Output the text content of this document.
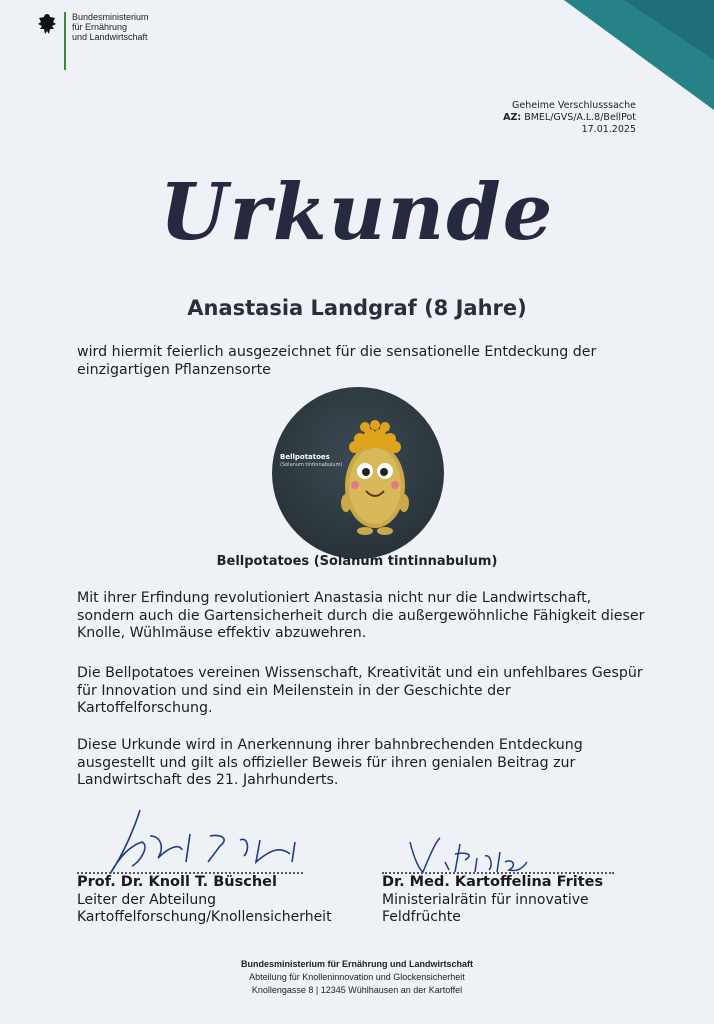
Bundesministerium
für Ernährung
und Landwirtschaft
Geheime Verschlusssache
AZ: BMEL/GVS/A.L.8/BellPot
17.01.2025
Urkunde
Anastasia Landgraf (8 Jahre)
wird hiermit feierlich ausgezeichnet für die sensationelle Entdeckung der einzigartigen Pflanzensorte
Bellpotatoes
(Solanum tintinnabulum)
Bellpotatoes (Solanum tintinnabulum)
Mit ihrer Erfindung revolutioniert Anastasia nicht nur die Landwirtschaft, sondern auch die Gartensicherheit durch die außergewöhnliche Fähigkeit dieser Knolle, Wühlmäuse effektiv abzuwehren.
Die Bellpotatoes vereinen Wissenschaft, Kreativität und ein unfehlbares Gespür für Innovation und sind ein Meilenstein in der Geschichte der Kartoffelforschung.
Diese Urkunde wird in Anerkennung ihrer bahnbrechenden Entdeckung ausgestellt und gilt als offizieller Beweis für ihren genialen Beitrag zur Landwirtschaft des 21. Jahrhunderts.
Prof. Dr. Knoll T. Büschel
Leiter der Abteilung
Kartoffelforschung/Knollensicherheit
Dr. Med. Kartoffelina Frites
Ministerialrätin für innovative
Feldfrüchte
Bundesministerium für Ernährung und Landwirtschaft
Abteilung für Knolleninnovation und Glockensicherheit
Knollengasse 8 | 12345 Wühlhausen an der Kartoffel
